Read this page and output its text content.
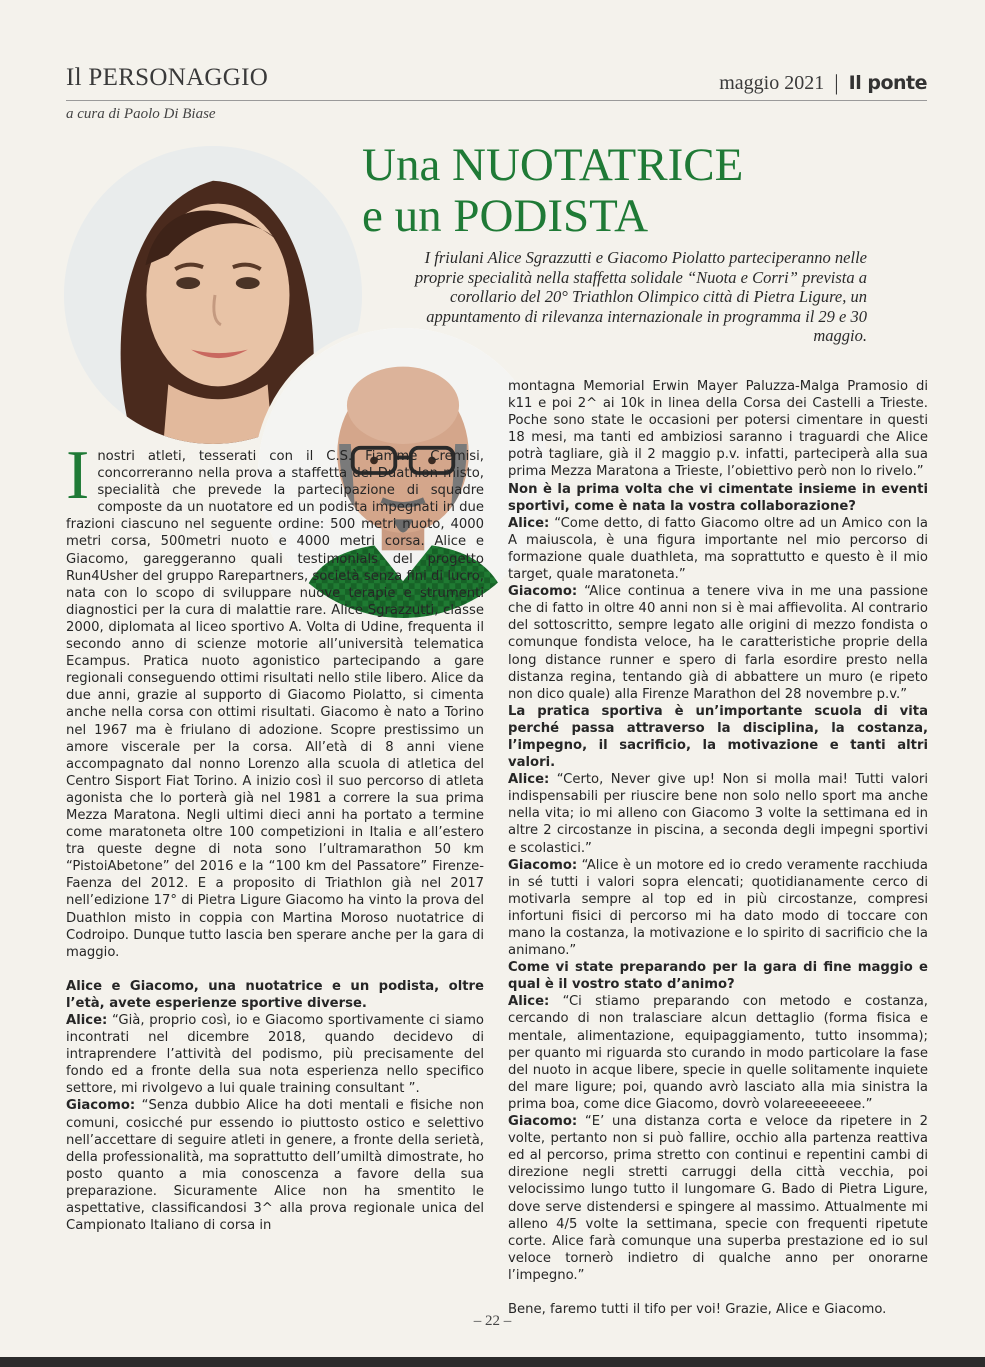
Il PERSONAGGIO	maggio 2021 | Il ponte
a cura di Paolo Di Biase
Una NUOTATRICE
e un PODISTA
I friulani Alice Sgrazzutti e Giacomo Piolatto parteciperanno nelle proprie specialità nella staffetta solidale “Nuota e Corri” prevista a corollario del 20° Triathlon Olimpico città di Pietra Ligure, un appuntamento di rilevanza internazionale in programma il 29 e 30 maggio.

Inostri atleti, tesserati con il C.S. Fiamme Cremisi, concorreranno nella prova a staffetta del Duathlon misto, specialità che prevede la partecipazione di squadre composte da un nuotatore ed un podista impegnati in due frazioni ciascuno nel seguente ordine: 500 metri nuoto, 4000 metri corsa, 500metri nuoto e 4000 metri corsa. Alice e Giacomo, gareggeranno quali testimonials del progetto Run4Usher del gruppo Rarepartners, società senza fini di lucro, nata con lo scopo di sviluppare nuove terapie e strumenti diagnostici per la cura di malattie rare. Alice Sgrazzutti, classe 2000, diplomata al liceo sportivo A. Volta di Udine, frequenta il secondo anno di scienze motorie all’università telematica Ecampus. Pratica nuoto agonistico partecipando a gare regionali conseguendo ottimi risultati nello stile libero. Alice da due anni, grazie al supporto di Giacomo Piolatto, si cimenta anche nella corsa con ottimi risultati. Giacomo è nato a Torino nel 1967 ma è friulano di adozione. Scopre prestissimo un amore viscerale per la corsa. All’età di 8 anni viene accompagnato dal nonno Lorenzo alla scuola di atletica del Centro Sisport Fiat Torino. A inizio così il suo percorso di atleta agonista che lo porterà già nel 1981 a correre la sua prima Mezza Maratona. Negli ultimi dieci anni ha portato a termine come maratoneta oltre 100 competizioni in Italia e all’estero tra queste degne di nota sono l’ultramarathon 50 km “PistoiAbetone” del 2016 e la “100 km del Passatore” Firenze-Faenza del 2012. E a proposito di Triathlon già nel 2017 nell’edizione 17° di Pietra Ligure Giacomo ha vinto la prova del Duathlon misto in coppia con Martina Moroso nuotatrice di Codroipo. Dunque tutto lascia ben sperare anche per la gara di maggio.

Alice e Giacomo, una nuotatrice e un podista, oltre l’età, avete esperienze sportive diverse.

Alice: “Già, proprio così, io e Giacomo sportivamente ci siamo incontrati nel dicembre 2018, quando decidevo di intraprendere l’attività del podismo, più precisamente del fondo ed a fronte della sua nota esperienza nello specifico settore, mi rivolgevo a lui quale training consultant ”.

Giacomo: “Senza dubbio Alice ha doti mentali e fisiche non comuni, cosicché pur essendo io piuttosto ostico e selettivo nell’accettare di seguire atleti in genere, a fronte della serietà, della professionalità, ma soprattutto dell’umiltà dimostrate, ho posto quanto a mia conoscenza a favore della sua preparazione. Sicuramente Alice non ha smentito le aspettative, classificandosi 3^ alla prova regionale unica del Campionato Italiano di corsa in

montagna Memorial Erwin Mayer Paluzza-Malga Pramosio di k11 e poi 2^ ai 10k in linea della Corsa dei Castelli a Trieste. Poche sono state le occasioni per potersi cimentare in questi 18 mesi, ma tanti ed ambiziosi saranno i traguardi che Alice potrà tagliare, già il 2 maggio p.v. infatti, parteciperà alla sua prima Mezza Maratona a Trieste, l’obiettivo però non lo rivelo.”

Non è la prima volta che vi cimentate insieme in eventi sportivi, come è nata la vostra collaborazione?

Alice: “Come detto, di fatto Giacomo oltre ad un Amico con la A maiuscola, è una figura importante nel mio percorso di formazione quale duathleta, ma soprattutto e questo è il mio target, quale maratoneta.”

Giacomo: “Alice continua a tenere viva in me una passione che di fatto in oltre 40 anni non si è mai affievolita. Al contrario del sottoscritto, sempre legato alle origini di mezzo fondista o comunque fondista veloce, ha le caratteristiche proprie della long distance runner e spero di farla esordire presto nella distanza regina, tentando già di abbattere un muro (e ripeto non dico quale) alla Firenze Marathon del 28 novembre p.v.”

La pratica sportiva è un’importante scuola di vita perché passa attraverso la disciplina, la costanza, l’impegno, il sacrificio, la motivazione e tanti altri valori.

Alice: “Certo, Never give up! Non si molla mai! Tutti valori indispensabili per riuscire bene non solo nello sport ma anche nella vita; io mi alleno con Giacomo 3 volte la settimana ed in altre 2 circostanze in piscina, a seconda degli impegni sportivi e scolastici.”

Giacomo: “Alice è un motore ed io credo veramente racchiuda in sé tutti i valori sopra elencati; quotidianamente cerco di motivarla sempre al top ed in più circostanze, compresi infortuni fisici di percorso mi ha dato modo di toccare con mano la costanza, la motivazione e lo spirito di sacrificio che la animano.”

Come vi state preparando per la gara di fine maggio e qual è il vostro stato d’animo?

Alice: “Ci stiamo preparando con metodo e costanza, cercando di non tralasciare alcun dettaglio (forma fisica e mentale, alimentazione, equipaggiamento, tutto insomma); per quanto mi riguarda sto curando in modo particolare la fase del nuoto in acque libere, specie in quelle solitamente inquiete del mare ligure; poi, quando avrò lasciato alla mia sinistra la prima boa, come dice Giacomo, dovrò volareeeeeeee.”

Giacomo: “E’ una distanza corta e veloce da ripetere in 2 volte, pertanto non si può fallire, occhio alla partenza reattiva ed al percorso, prima stretto con continui e repentini cambi di direzione negli stretti carruggi della città vecchia, poi velocissimo lungo tutto il lungomare G. Bado di Pietra Ligure, dove serve distendersi e spingere al massimo. Attualmente mi alleno 4/5 volte la settimana, specie con frequenti ripetute corte. Alice farà comunque una superba prestazione ed io sul veloce tornerò indietro di qualche anno per onorarne l’impegno.”

Bene, faremo tutti il tifo per voi! Grazie, Alice e Giacomo.

– 22 –
